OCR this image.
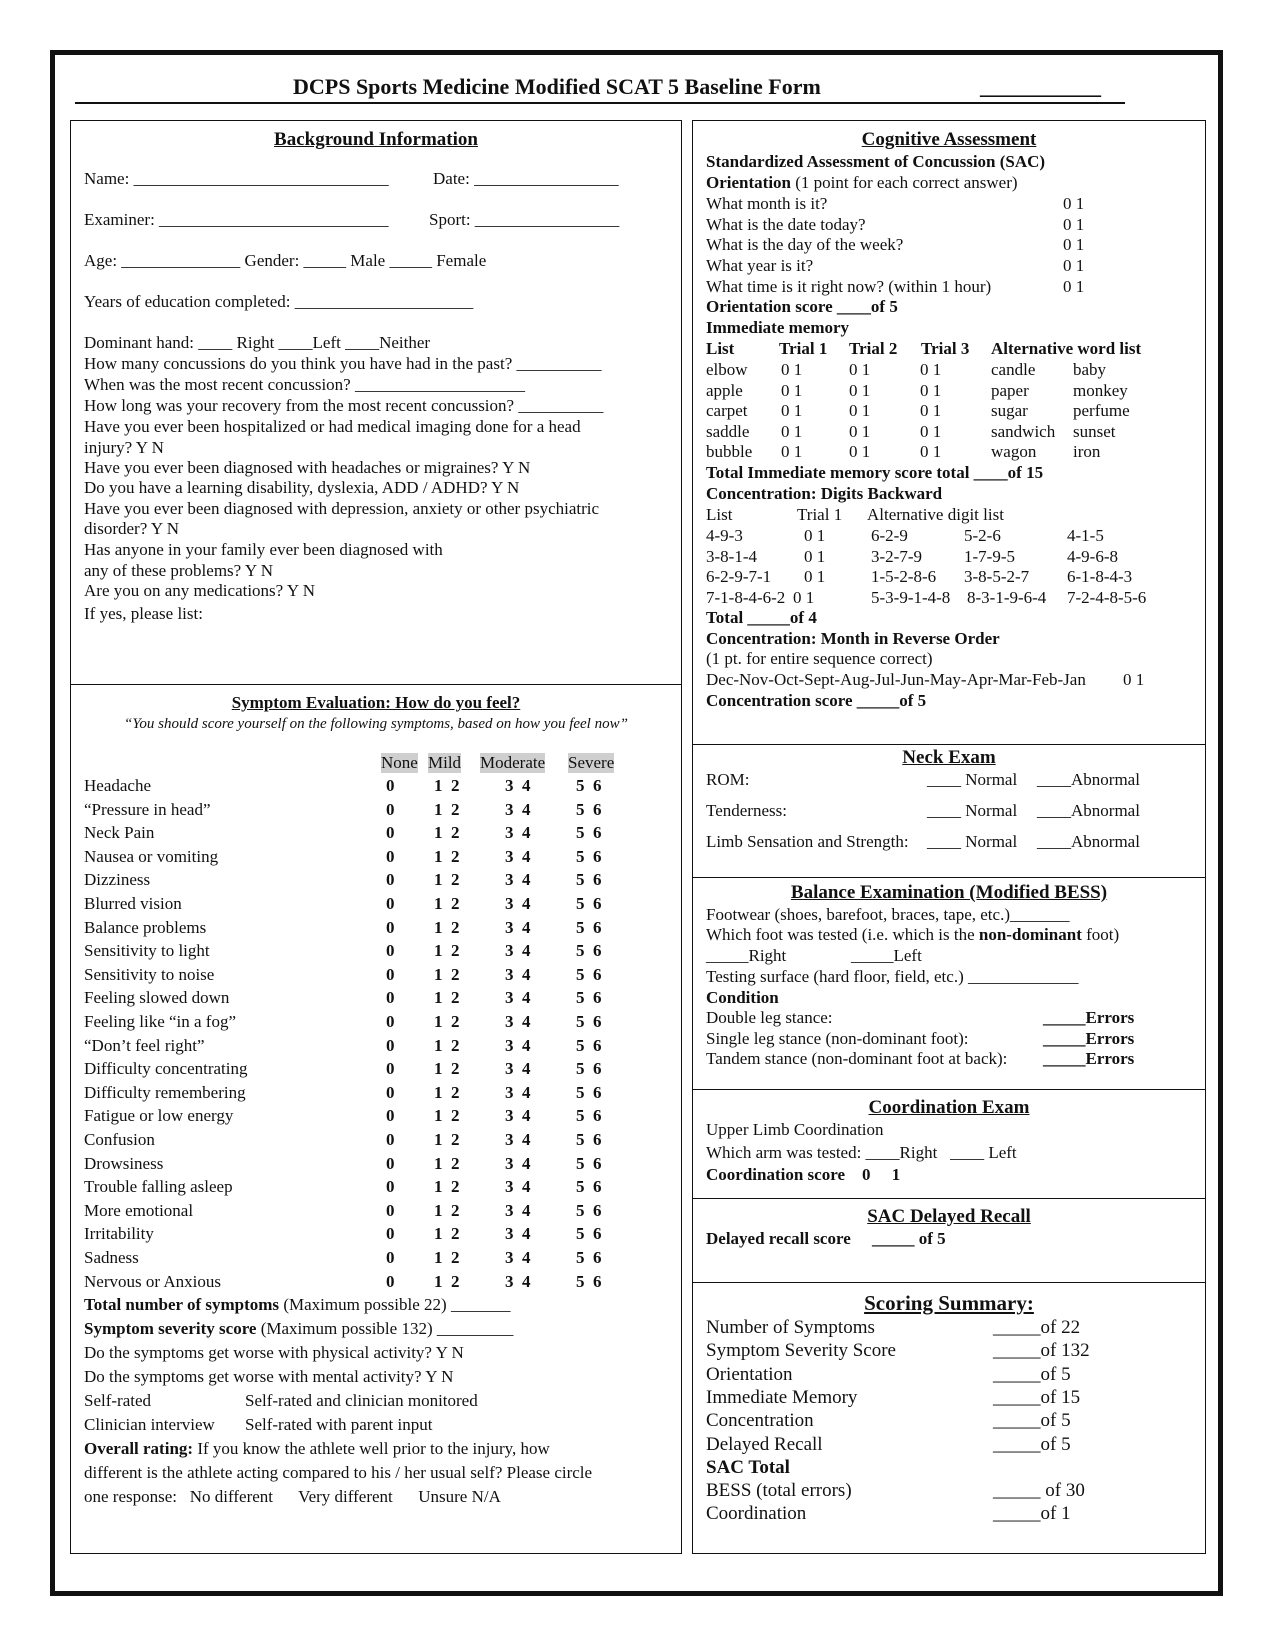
DCPS Sports Medicine Modified SCAT 5 Baseline Form	___________
Background Information
Name: ______________________________	Date: _________________
Examiner: ___________________________ Sport: _________________
Age: ______________ Gender: _____ Male _____ Female
Years of education completed: _____________________
Dominant hand: ____ Right ____Left ____Neither
How many concussions do you think you have had in the past? __________
When was the most recent concussion? ____________________
How long was your recovery from the most recent concussion? __________
Have you ever been hospitalized or had medical imaging done for a head
injury? Y N
Have you ever been diagnosed with headaches or migraines? Y N
Do you have a learning disability, dyslexia, ADD / ADHD? Y N
Have you ever been diagnosed with depression, anxiety or other psychiatric
disorder? Y N
Has anyone in your family ever been diagnosed with
any of these problems? Y N
Are you on any medications? Y N
If yes, please list:
Symptom Evaluation: How do you feel?
“You should score yourself on the following symptoms, based on how you feel now”
None Mild Moderate Severe
Headache	0 1  2	3  4	5  6
“Pressure in head”	0 1  2	3  4	5  6
Neck Pain	0 1  2	3  4	5  6
Nausea or vomiting	0 1  2	3  4	5  6
Dizziness	0 1  2	3  4	5  6
Blurred vision	0 1  2	3  4	5  6
Balance problems	0 1  2	3  4	5  6
Sensitivity to light	0 1  2	3  4	5  6
Sensitivity to noise	0 1  2	3  4	5  6
Feeling slowed down	0 1  2	3  4	5  6
Feeling like “in a fog”	0 1  2	3  4	5  6
“Don’t feel right”	0 1  2	3  4	5  6
Difficulty concentrating	0 1  2	3  4	5  6
Difficulty remembering	0 1  2	3  4	5  6
Fatigue or low energy	0 1  2	3  4	5  6
Confusion	0 1  2	3  4	5  6
Drowsiness	0 1  2	3  4	5  6
Trouble falling asleep	0 1  2	3  4	5  6
More emotional	0 1  2	3  4	5  6
Irritability	0 1  2	3  4	5  6
Sadness	0 1  2	3  4	5  6
Nervous or Anxious	0 1  2	3  4	5  6
Total number of symptoms (Maximum possible 22) _______
Symptom severity score (Maximum possible 132) _________
Do the symptoms get worse with physical activity? Y N
Do the symptoms get worse with mental activity? Y N
Self-rated	Self-rated and clinician monitored
Clinician interview Self-rated with parent input
Overall rating: If you know the athlete well prior to the injury, how
different is the athlete acting compared to his / her usual self? Please circle
one response:   No different      Very different      Unsure N/A
Cognitive Assessment
Standardized Assessment of Concussion (SAC)
Orientation (1 point for each correct answer)
What month is it?	0 1
What is the date today?	0 1
What is the day of the week?	0 1
What year is it?	0 1
What time is it right now? (within 1 hour)	0 1
Orientation score ____of 5
Immediate memory
List	Trial 1 Trial 2 Trial 3 Alternative word list
elbow 0 1	0 1	0 1	candle baby
apple 0 1	0 1	0 1	paper	monkey
carpet 0 1	0 1	0 1	sugar	perfume
saddle 0 1	0 1	0 1	sandwich sunset
bubble 0 1	0 1	0 1	wagon iron
Total Immediate memory score total ____of 15
Concentration: Digits Backward
List	Trial 1 Alternative digit list
4-9-3	0 1	6-2-9	5-2-6	4-1-5
3-8-1-4	0 1	3-2-7-9 1-7-9-5	4-9-6-8
6-2-9-7-1 0 1	1-5-2-8-6 3-8-5-2-7 6-1-8-4-3
7-1-8-4-6-2 0 1	5-3-9-1-4-8 8-3-1-9-6-4 7-2-4-8-5-6
Total _____of 4
Concentration: Month in Reverse Order
(1 pt. for entire sequence correct)
Dec-Nov-Oct-Sept-Aug-Jul-Jun-May-Apr-Mar-Feb-Jan 0 1
Concentration score _____of 5
Neck Exam
ROM:	____ Normal ____Abnormal
Tenderness:	____ Normal ____Abnormal
Limb Sensation and Strength: ____ Normal ____Abnormal
Balance Examination (Modified BESS)
Footwear (shoes, barefoot, braces, tape, etc.)_______
Which foot was tested (i.e. which is the non-dominant foot)
_____Right	_____Left
Testing surface (hard floor, field, etc.) _____________
Condition
Double leg stance:	_____Errors
Single leg stance (non-dominant foot):	_____Errors
Tandem stance (non-dominant foot at back): _____Errors
Coordination Exam
Upper Limb Coordination
Which arm was tested: ____Right   ____ Left
Coordination score    0     1
SAC Delayed Recall
Delayed recall score     _____ of 5
Scoring Summary:
Number of Symptoms	_____of 22
Symptom Severity Score	_____of 132
Orientation	_____of 5
Immediate Memory	_____of 15
Concentration	_____of 5
Delayed Recall	_____of 5
SAC Total
BESS (total errors)	_____ of 30
Coordination	_____of 1
